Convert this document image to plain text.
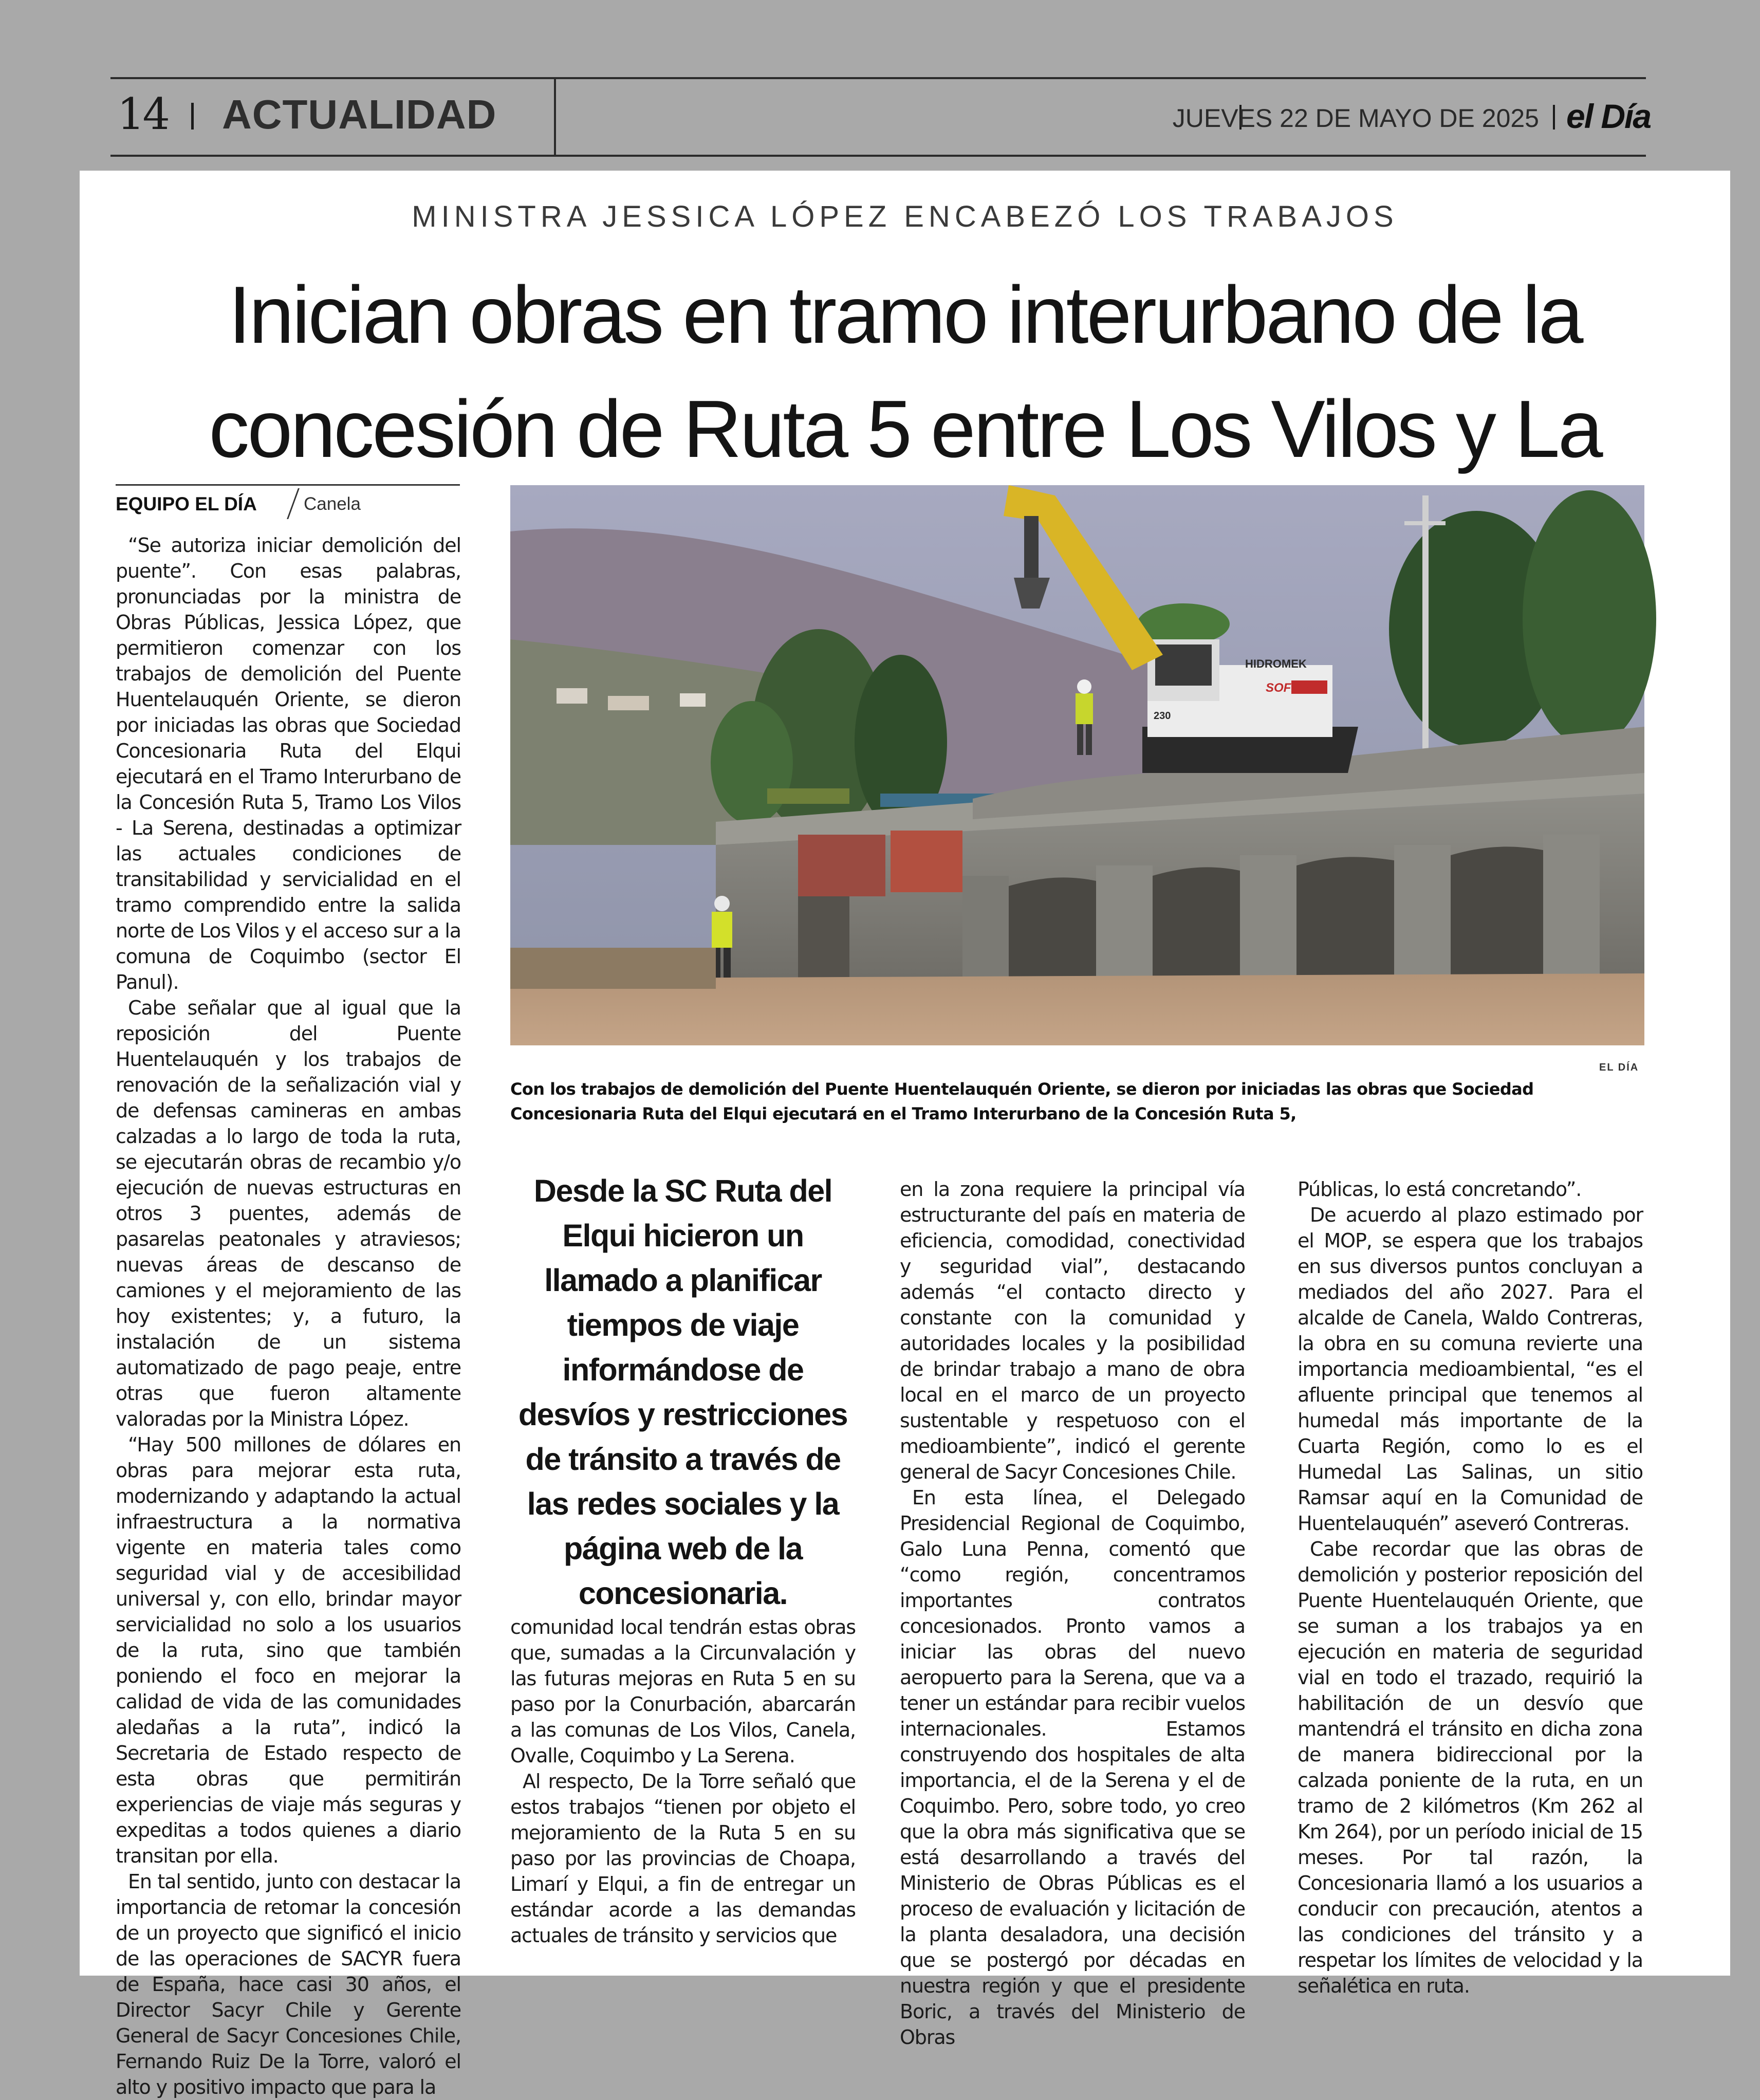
14 ACTUALIDAD	JUEVES 22 DE MAYO DE 2025 el Día
MINISTRA JESSICA LÓPEZ ENCABEZÓ LOS TRABAJOS
Inician obras en tramo interurbano de la
concesión de Ruta 5 entre Los Vilos y La
EQUIPO EL DÍA	Canela

“Se autoriza iniciar demolición del puente”. Con esas palabras, pronunciadas por la ministra de Obras Públicas, Jessica López, que permitieron comenzar con los trabajos de demolición del Puente Huentelauquén Oriente, se dieron por iniciadas las obras que Sociedad Concesionaria Ruta del Elqui ejecutará en el Tramo Interurbano de la Concesión Ruta 5, Tramo Los Vilos - La Serena, destinadas a optimizar las actuales condiciones de transitabilidad y servicialidad en el tramo comprendido entre la salida norte de Los Vilos y el acceso sur a la comuna de Coquimbo (sector El Panul).

Cabe señalar que al igual que la reposición del Puente Huentelauquén y los trabajos de renovación de la señalización vial y de defensas camineras en ambas calzadas a lo largo de toda la ruta, se ejecutarán obras de recambio y/o ejecución de nuevas estructuras en otros 3 puentes, además de pasarelas peatonales y atraviesos; nuevas áreas de descanso de camiones y el mejoramiento de las hoy existentes; y, a futuro, la instalación de un sistema automatizado de pago peaje, entre otras que fueron altamente valoradas por la Ministra López.

“Hay 500 millones de dólares en obras para mejorar esta ruta, modernizando y adaptando la actual infraestructura a la normativa vigente en materia tales como seguridad vial y de accesibilidad universal y, con ello, brindar mayor servicialidad no solo a los usuarios de la ruta, sino que también poniendo el foco en mejorar la calidad de vida de las comunidades aledañas a la ruta”, indicó la Secretaria de Estado respecto de esta obras que permitirán experiencias de viaje más seguras y expeditas a todos quienes a diario transitan por ella.

En tal sentido, junto con destacar la importancia de retomar la concesión de un proyecto que significó el inicio de las operaciones de SACYR fuera de España, hace casi 30 años, el Director Sacyr Chile y Gerente General de Sacyr Concesiones Chile, Fernando Ruiz De la Torre, valoró el alto y positivo impacto que para la

HIDROMEK
230
SOFERRA
EL DÍA
Con los trabajos de demolición del Puente Huentelauquén Oriente, se dieron por iniciadas las obras que Sociedad Concesionaria Ruta del Elqui ejecutará en el Tramo Interurbano de la Concesión Ruta 5,
Desde la SC Ruta del Elqui hicieron un llamado a planificar tiempos de viaje informándose de desvíos y restricciones de tránsito a través de las redes sociales y la página web de la concesionaria.

comunidad local tendrán estas obras que, sumadas a la Circunvalación y las futuras mejoras en Ruta 5 en su paso por la Conurbación, abarcarán a las comunas de Los Vilos, Canela, Ovalle, Coquimbo y La Serena.

Al respecto, De la Torre señaló que estos trabajos “tienen por objeto el mejoramiento de la Ruta 5 en su paso por las provincias de Choapa, Limarí y Elqui, a fin de entregar un estándar acorde a las demandas actuales de tránsito y servicios que

en la zona requiere la principal vía estructurante del país en materia de eficiencia, comodidad, conectividad y seguridad vial”, destacando además “el contacto directo y constante con la comunidad y autoridades locales y la posibilidad de brindar trabajo a mano de obra local en el marco de un proyecto sustentable y respetuoso con el medioambiente”, indicó el gerente general de Sacyr Concesiones Chile.

En esta línea, el Delegado Presidencial Regional de Coquimbo, Galo Luna Penna, comentó que “como región, concentramos importantes contratos concesionados. Pronto vamos a iniciar las obras del nuevo aeropuerto para la Serena, que va a tener un estándar para recibir vuelos internacionales. Estamos construyendo dos hospitales de alta importancia, el de la Serena y el de Coquimbo. Pero, sobre todo, yo creo que la obra más significativa que se está desarrollando a través del Ministerio de Obras Públicas es el proceso de evaluación y licitación de la planta desaladora, una decisión que se postergó por décadas en nuestra región y que el presidente Boric, a través del Ministerio de Obras

Públicas, lo está concretando”.

De acuerdo al plazo estimado por el MOP, se espera que los trabajos en sus diversos puntos concluyan a mediados del año 2027. Para el alcalde de Canela, Waldo Contreras, la obra en su comuna revierte una importancia medioambiental, “es el afluente principal que tenemos al humedal más importante de la Cuarta Región, como lo es el Humedal Las Salinas, un sitio Ramsar aquí en la Comunidad de Huentelauquén” aseveró Contreras.

Cabe recordar que las obras de demolición y posterior reposición del Puente Huentelauquén Oriente, que se suman a los trabajos ya en ejecución en materia de seguridad vial en todo el trazado, requirió la habilitación de un desvío que mantendrá el tránsito en dicha zona de manera bidireccional por la calzada poniente de la ruta, en un tramo de 2 kilómetros (Km 262 al Km 264), por un período inicial de 15 meses. Por tal razón, la Concesionaria llamó a los usuarios a conducir con precaución, atentos a las condiciones del tránsito y a respetar los límites de velocidad y la señalética en ruta.
